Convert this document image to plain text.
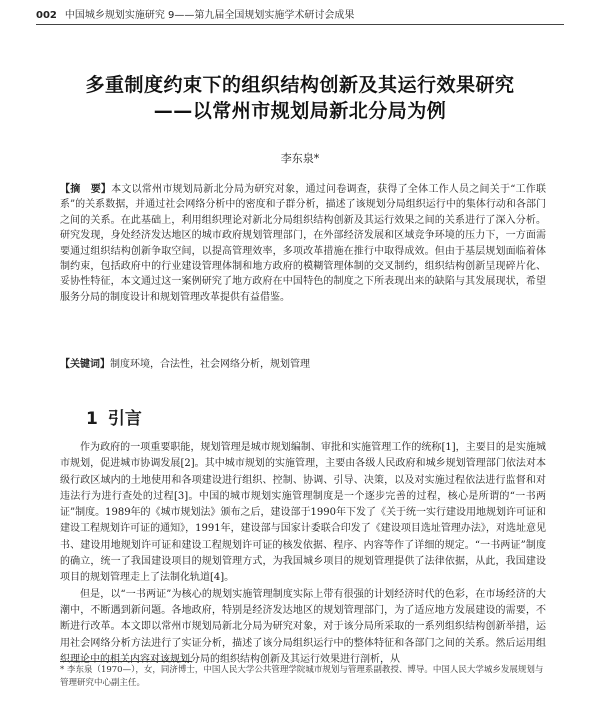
002 中国城乡规划实施研究 9——第九届全国规划实施学术研讨会成果
多重制度约束下的组织结构创新及其运行效果研究
——以常州市规划局新北分局为例
李东泉*
【摘　要】本文以常州市规划局新北分局为研究对象，通过问卷调查，获得了全体工作人员之间关于“工作联系”的关系数据，并通过社会网络分析中的密度和子群分析，描述了该规划分局组织运行中的集体行动和各部门之间的关系。在此基础上，利用组织理论对新北分局组织结构创新及其运行效果之间的关系进行了深入分析。研究发现，身处经济发达地区的城市政府规划管理部门，在外部经济发展和区域竞争环境的压力下，一方面需要通过组织结构创新争取空间，以提高管理效率，多项改革措施在推行中取得成效。但由于基层规划面临着体制约束，包括政府中的行业建设管理体制和地方政府的模糊管理体制的交叉制约，组织结构创新呈现碎片化、妥协性特征，本文通过这一案例研究了地方政府在中国特色的制度之下所表现出来的缺陷与其发展现状，希望服务分局的制度设计和规划管理改革提供有益借鉴。
【关键词】制度环境，合法性，社会网络分析，规划管理
1 引言

作为政府的一项重要职能，规划管理是城市规划编制、审批和实施管理工作的统称[1]，主要目的是实施城市规划，促进城市协调发展[2]。其中城市规划的实施管理，主要由各级人民政府和城乡规划管理部门依法对本级行政区域内的土地使用和各项建设进行组织、控制、协调、引导、决策，以及对实施过程依法进行监督和对违法行为进行查处的过程[3]。中国的城市规划实施管理制度是一个逐步完善的过程，核心是所谓的“一书两证”制度。1989年的《城市规划法》颁布之后，建设部于1990年下发了《关于统一实行建设用地规划许可证和建设工程规划许可证的通知》，1991年，建设部与国家计委联合印发了《建设项目选址管理办法》，对选址意见书、建设用地规划许可证和建设工程规划许可证的核发依据、程序、内容等作了详细的规定。“一书两证”制度的确立，统一了我国建设项目的规划管理方式，为我国城乡项目的规划管理提供了法律依据，从此，我国建设项目的规划管理走上了法制化轨道[4]。

但是，以“一书两证”为核心的规划实施管理制度实际上带有很强的计划经济时代的色彩，在市场经济的大潮中，不断遇到新问题。各地政府，特别是经济发达地区的规划管理部门，为了适应地方发展建设的需要，不断进行改革。本文即以常州市规划局新北分局为研究对象，对于该分局所采取的一系列组织结构创新举措，运用社会网络分析方法进行了实证分析，描述了该分局组织运行中的整体特征和各部门之间的关系。然后运用组织理论中的相关内容对该规划分局的组织结构创新及其运行效果进行剖析，从

* 李东泉（1970—），女，同济博士，中国人民大学公共管理学院城市规划与管理系副教授、博导。中国人民大学城乡发展规划与管理研究中心副主任。
